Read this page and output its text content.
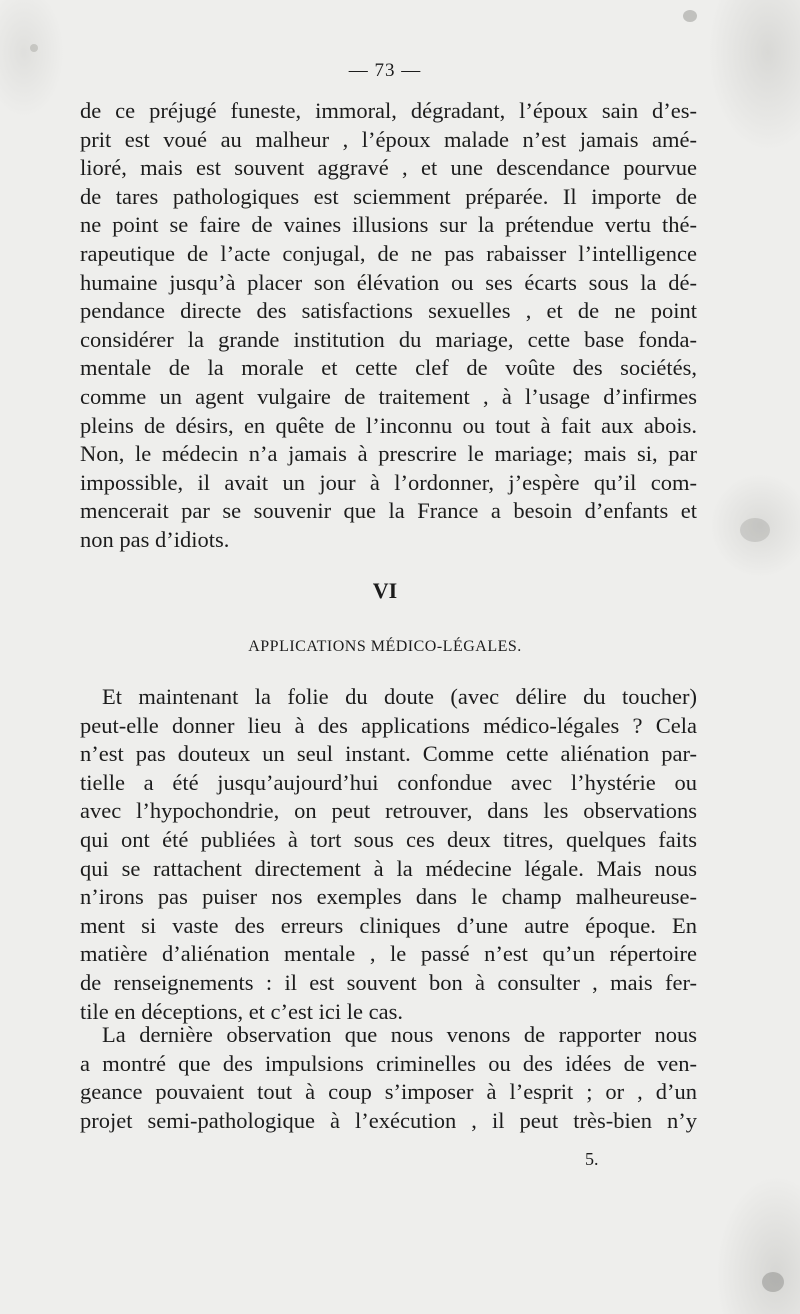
— 73 —
de ce préjugé funeste, immoral, dégradant, l’époux sain d’es-
prit est voué au malheur , l’époux malade n’est jamais amé-
lioré, mais est souvent aggravé , et une descendance pourvue
de tares pathologiques est sciemment préparée. Il importe de
ne point se faire de vaines illusions sur la prétendue vertu thé-
rapeutique de l’acte conjugal, de ne pas rabaisser l’intelligence
humaine jusqu’à placer son élévation ou ses écarts sous la dé-
pendance directe des satisfactions sexuelles , et de ne point
considérer la grande institution du mariage, cette base fonda-
mentale de la morale et cette clef de voûte des sociétés,
comme un agent vulgaire de traitement , à l’usage d’infirmes
pleins de désirs, en quête de l’inconnu ou tout à fait aux abois.
Non, le médecin n’a jamais à prescrire le mariage; mais si, par
impossible, il avait un jour à l’ordonner, j’espère qu’il com-
mencerait par se souvenir que la France a besoin d’enfants et
non pas d’idiots.
VI
APPLICATIONS MÉDICO-LÉGALES.
Et maintenant la folie du doute (avec délire du toucher)
peut-elle donner lieu à des applications médico-légales ? Cela
n’est pas douteux un seul instant. Comme cette aliénation par-
tielle a été jusqu’aujourd’hui confondue avec l’hystérie ou
avec l’hypochondrie, on peut retrouver, dans les observations
qui ont été publiées à tort sous ces deux titres, quelques faits
qui se rattachent directement à la médecine légale. Mais nous
n’irons pas puiser nos exemples dans le champ malheureuse-
ment si vaste des erreurs cliniques d’une autre époque. En
matière d’aliénation mentale , le passé n’est qu’un répertoire
de renseignements : il est souvent bon à consulter , mais fer-
tile en déceptions, et c’est ici le cas.
La dernière observation que nous venons de rapporter nous
a montré que des impulsions criminelles ou des idées de ven-
geance pouvaient tout à coup s’imposer à l’esprit ; or , d’un
projet semi-pathologique à l’exécution , il peut très-bien n’y
5.
